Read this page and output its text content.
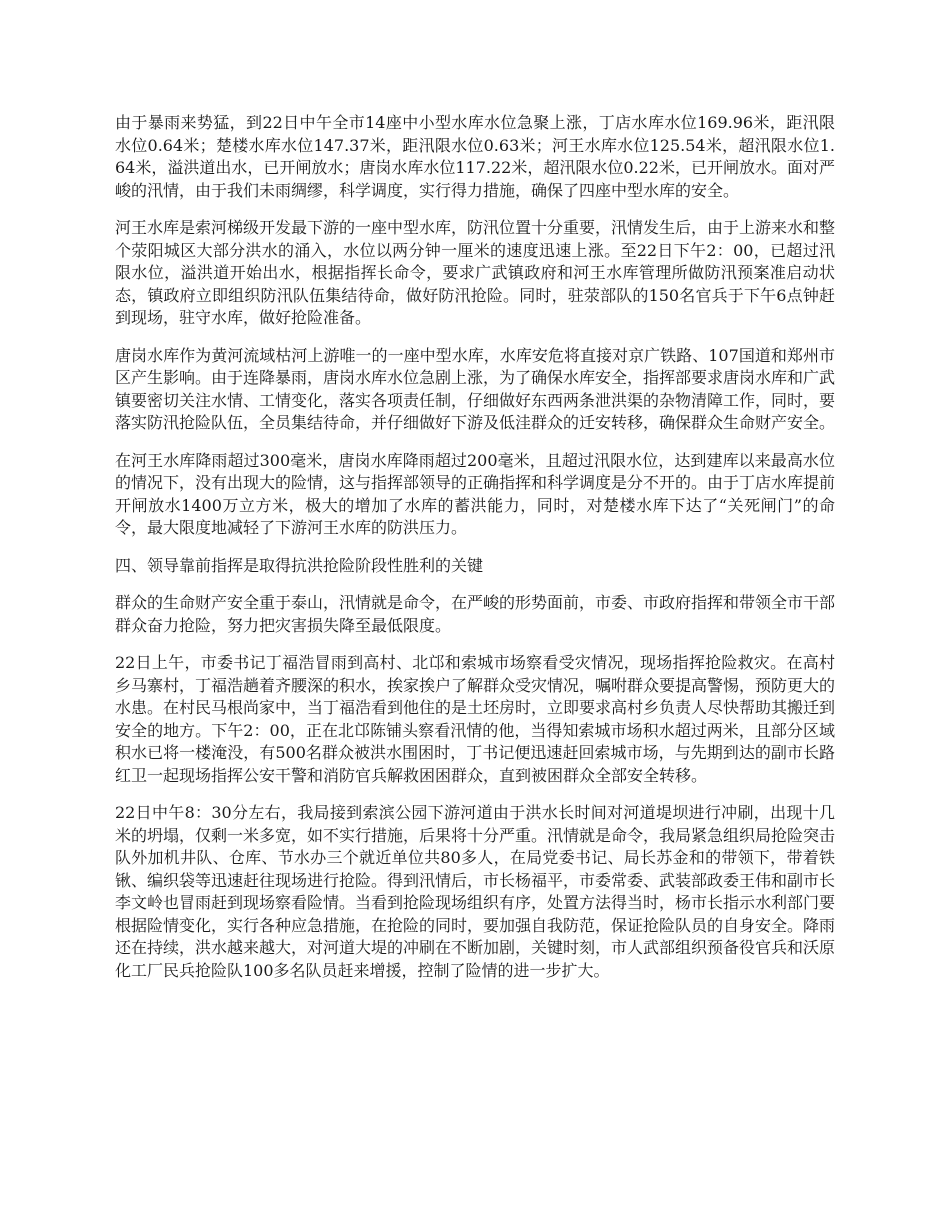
由于暴雨来势猛，到22日中午全市14座中小型水库水位急聚上涨，丁店水库水位169.96米，距汛限水位0.64米；楚楼水库水位147.37米，距汛限水位0.63米；河王水库水位125.54米，超汛限水位1.64米，溢洪道出水，已开闸放水；唐岗水库水位117.22米，超汛限水位0.22米，已开闸放水。面对严峻的汛情，由于我们未雨绸缪，科学调度，实行得力措施，确保了四座中型水库的安全。

河王水库是索河梯级开发最下游的一座中型水库，防汛位置十分重要，汛情发生后，由于上游来水和整个荥阳城区大部分洪水的涌入，水位以两分钟一厘米的速度迅速上涨。至22日下午2：00，已超过汛限水位，溢洪道开始出水，根据指挥长命令，要求广武镇政府和河王水库管理所做防汛预案准启动状态，镇政府立即组织防汛队伍集结待命，做好防汛抢险。同时，驻荥部队的150名官兵于下午6点钟赶到现场，驻守水库，做好抢险准备。

唐岗水库作为黄河流域枯河上游唯一的一座中型水库，水库安危将直接对京广铁路、107国道和郑州市区产生影响。由于连降暴雨，唐岗水库水位急剧上涨，为了确保水库安全，指挥部要求唐岗水库和广武镇要密切关注水情、工情变化，落实各项责任制，仔细做好东西两条泄洪渠的杂物清障工作，同时，要落实防汛抢险队伍，全员集结待命，并仔细做好下游及低洼群众的迁安转移，确保群众生命财产安全。

在河王水库降雨超过300毫米，唐岗水库降雨超过200毫米，且超过汛限水位，达到建库以来最高水位的情况下，没有出现大的险情，这与指挥部领导的正确指挥和科学调度是分不开的。由于丁店水库提前开闸放水1400万立方米，极大的增加了水库的蓄洪能力，同时，对楚楼水库下达了“关死闸门”的命令，最大限度地减轻了下游河王水库的防洪压力。

四、领导靠前指挥是取得抗洪抢险阶段性胜利的关键

群众的生命财产安全重于泰山，汛情就是命令，在严峻的形势面前，市委、市政府指挥和带领全市干部群众奋力抢险，努力把灾害损失降至最低限度。

22日上午，市委书记丁福浩冒雨到高村、北邙和索城市场察看受灾情况，现场指挥抢险救灾。在高村乡马寨村，丁福浩趟着齐腰深的积水，挨家挨户了解群众受灾情况，嘱咐群众要提高警惕，预防更大的水患。在村民马根尚家中，当丁福浩看到他住的是土坯房时，立即要求高村乡负责人尽快帮助其搬迁到安全的地方。下午2：00，正在北邙陈铺头察看汛情的他，当得知索城市场积水超过两米，且部分区域积水已将一楼淹没，有500名群众被洪水围困时，丁书记便迅速赶回索城市场，与先期到达的副市长路红卫一起现场指挥公安干警和消防官兵解救困困群众，直到被困群众全部安全转移。

22日中午8：30分左右，我局接到索滨公园下游河道由于洪水长时间对河道堤坝进行冲刷，出现十几米的坍塌，仅剩一米多宽，如不实行措施，后果将十分严重。汛情就是命令，我局紧急组织局抢险突击队外加机井队、仓库、节水办三个就近单位共80多人，在局党委书记、局长苏金和的带领下，带着铁锹、编织袋等迅速赶往现场进行抢险。得到汛情后，市长杨福平，市委常委、武装部政委王伟和副市长李文岭也冒雨赶到现场察看险情。当看到抢险现场组织有序，处置方法得当时，杨市长指示水利部门要根据险情变化，实行各种应急措施，在抢险的同时，要加强自我防范，保证抢险队员的自身安全。降雨还在持续，洪水越来越大，对河道大堤的冲刷在不断加剧，关键时刻，市人武部组织预备役官兵和沃原化工厂民兵抢险队100多名队员赶来增援，控制了险情的进一步扩大。
